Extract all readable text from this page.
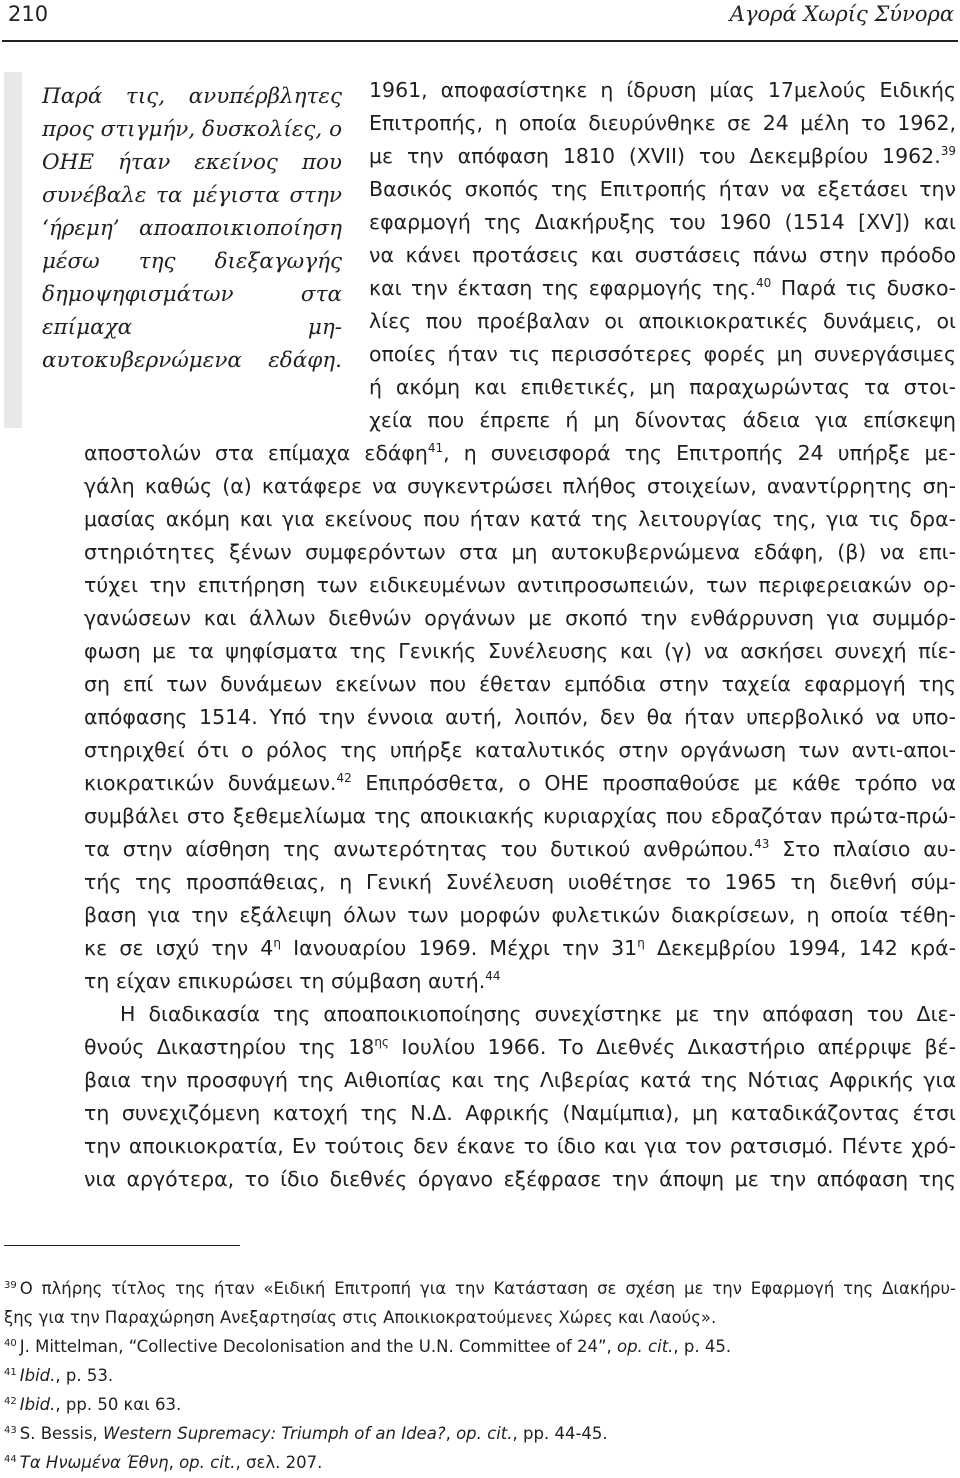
210	Αγορά Χωρίς Σύνορα
Παρά τις, ανυπέρβλητες
προς στιγμήν, δυσκολίες, ο
ΟΗΕ ήταν εκείνος που
συνέβαλε τα μέγιστα στην
‘ήρεμη’ αποαποικιοποίηση
μέσω της διεξαγωγής
δημοψηφισμάτων στα
επίμαχα μη-
αυτοκυβερνώμενα εδάφη.
1961, αποφασίστηκε η ίδρυση μίας 17μελούς Ειδικής
Επιτροπής, η οποία διευρύνθηκε σε 24 μέλη το 1962,
με την απόφαση 1810 (XVII) του Δεκεμβρίου 1962.39
Βασικός σκοπός της Επιτροπής ήταν να εξετάσει την
εφαρμογή της Διακήρυξης του 1960 (1514 [XV]) και
να κάνει προτάσεις και συστάσεις πάνω στην πρόοδο
και την έκταση της εφαρμογής της.$^{40}$ Παρά τις δυσκο-
λίες που προέβαλαν οι αποικιοκρατικές δυνάμεις, οι
οποίες ήταν τις περισσότερες φορές μη συνεργάσιμες
ή ακόμη και επιθετικές, μη παραχωρώντας τα στοι-
χεία που έπρεπε ή μη δίνοντας άδεια για επίσκεψη
αποστολών στα επίμαχα εδάφη$^{41}$, η συνεισφορά της Επιτροπής 24 υπήρξε με-
γάλη καθώς (α) κατάφερε να συγκεντρώσει πλήθος στοιχείων, αναντίρρητης ση-
μασίας ακόμη και για εκείνους που ήταν κατά της λειτουργίας της, για τις δρα-
στηριότητες ξένων συμφερόντων στα μη αυτοκυβερνώμενα εδάφη, (β) να επι-
τύχει την επιτήρηση των ειδικευμένων αντιπροσωπειών, των περιφερειακών ορ-
γανώσεων και άλλων διεθνών οργάνων με σκοπό την ενθάρρυνση για συμμόρ-
φωση με τα ψηφίσματα της Γενικής Συνέλευσης και (γ) να ασκήσει συνεχή πίε-
ση επί των δυνάμεων εκείνων που έθεταν εμπόδια στην ταχεία εφαρμογή της
απόφασης 1514. Υπό την έννοια αυτή, λοιπόν, δεν θα ήταν υπερβολικό να υπο-
στηριχθεί ότι ο ρόλος της υπήρξε καταλυτικός στην οργάνωση των αντι-αποι-
κιοκρατικών δυνάμεων.$^{42}$ Επιπρόσθετα, ο ΟΗΕ προσπαθούσε με κάθε τρόπο να
συμβάλει στο ξεθεμελίωμα της αποικιακής κυριαρχίας που εδραζόταν πρώτα-πρώ-
τα στην αίσθηση της ανωτερότητας του δυτικού ανθρώπου.$^{43}$ Στο πλαίσιο αυ-
τής της προσπάθειας, η Γενική Συνέλευση υιοθέτησε το 1965 τη διεθνή σύμ-
βαση για την εξάλειψη όλων των μορφών φυλετικών διακρίσεων, η οποία τέθη-
κε σε ισχύ την $4^\eta$ Ιανουαρίου 1969. Μέχρι την $31^\eta$ Δεκεμβρίου 1994, 142 κρά-
τη είχαν επικυρώσει τη σύμβαση αυτή.$^{44}$
Η διαδικασία της αποαποικιοποίησης συνεχίστηκε με την απόφαση του Διε-
θνούς Δικαστηρίου της $18^{\eta\varsigma}$ Ιουλίου 1966. Το Διεθνές Δικαστήριο απέρριψε βέ-
βαια την προσφυγή της Αιθιοπίας και της Λιβερίας κατά της Νότιας Αφρικής για
τη συνεχιζόμενη κατοχή της Ν.Δ. Αφρικής (Ναμίμπια), μη καταδικάζοντας έτσι
την αποικιοκρατία, Εν τούτοις δεν έκανε το ίδιο και για τον ρατσισμό. Πέντε χρό-
νια αργότερα, το ίδιο διεθνές όργανο εξέφρασε την άποψη με την απόφαση της
$^{39}$ Ο πλήρης τίτλος της ήταν «Ειδική Επιτροπή για την Κατάσταση σε σχέση με την Εφαρμογή της Διακήρυ-
ξης για την Παραχώρηση Ανεξαρτησίας στις Αποικιοκρατούμενες Χώρες και Λαούς».
$^{40}$ J. Mittelman, “Collective Decolonisation and the U.N. Committee of 24”, op. cit., p. 45.
$^{41}$ Ibid., p. 53.
$^{42}$ Ibid., pp. 50 και 63.
$^{43}$ S. Bessis, Western Supremacy: Triumph of an Idea?, op. cit., pp. 44-45.
$^{44}$ Τα Ηνωμένα Έθνη, op. cit., σελ. 207.
